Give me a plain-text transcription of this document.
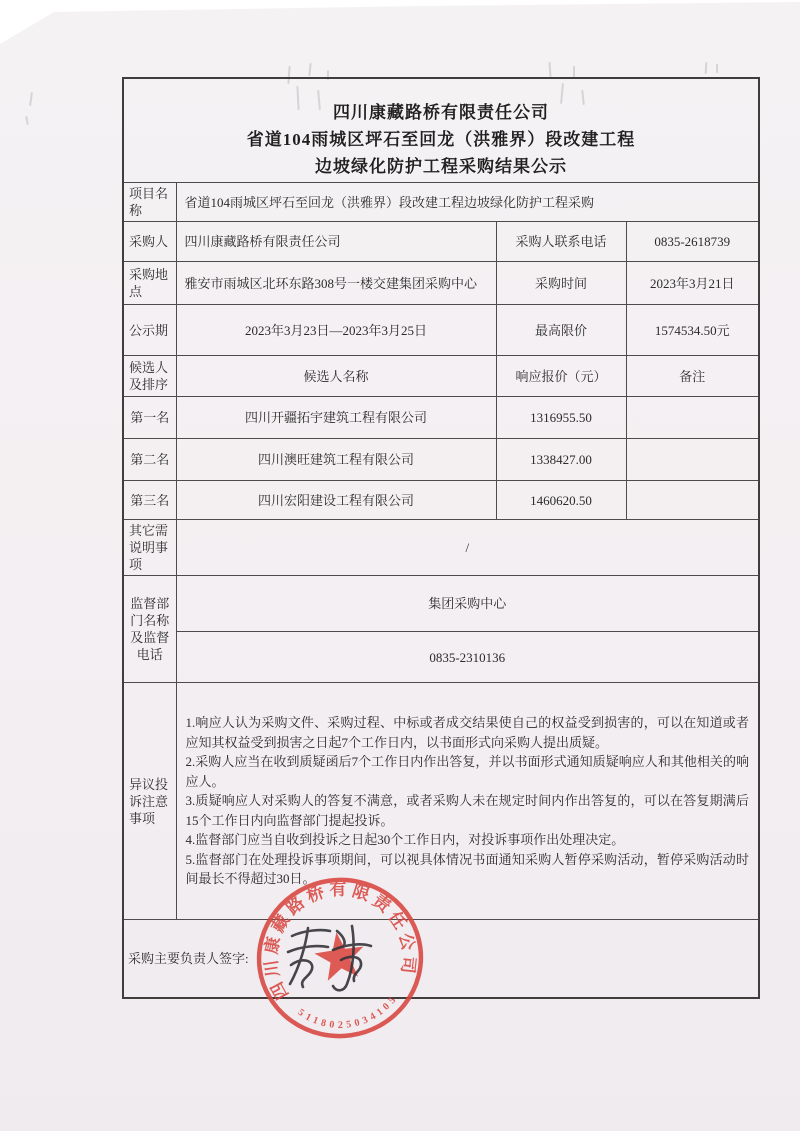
四川康藏路桥有限责任公司
省道104雨城区坪石至回龙（洪雅界）段改建工程
边坡绿化防护工程采购结果公示			

项目名称	省道104雨城区坪石至回龙（洪雅界）段改建工程边坡绿化防护工程采购		
采购人	四川康藏路桥有限责任公司	采购人联系电话	0835-2618739
采购地点	雅安市雨城区北环东路308号一楼交建集团采购中心	采购时间	2023年3月21日
公示期	2023年3月23日—2023年3月25日	最高限价	1574534.50元
候选人及排序	候选人名称	响应报价（元）	备注
第一名	四川开疆拓宇建筑工程有限公司	1316955.50	
第二名	四川澳旺建筑工程有限公司	1338427.00	
第三名	四川宏阳建设工程有限公司	1460620.50	
其它需说明事项	/		
监督部门名称及监督电话	集团采购中心		
	0835-2310136		
异议投诉注意事项	1.响应人认为采购文件、采购过程、中标或者成交结果使自己的权益受到损害的，可以在知道或者应知其权益受到损害之日起7个工作日内，以书面形式向采购人提出质疑。

2.采购人应当在收到质疑函后7个工作日内作出答复，并以书面形式通知质疑响应人和其他相关的响应人。

3.质疑响应人对采购人的答复不满意，或者采购人未在规定时间内作出答复的，可以在答复期满后15个工作日内向监督部门提起投诉。

4.监督部门应当自收到投诉之日起30个工作日内，对投诉事项作出处理决定。

5.监督部门在处理投诉事项期间，可以视具体情况书面通知采购人暂停采购活动，暂停采购活动时间最长不得超过30日。		

采购主要负责人签字:			
四川康藏路桥有限责任公司
5118025034105
